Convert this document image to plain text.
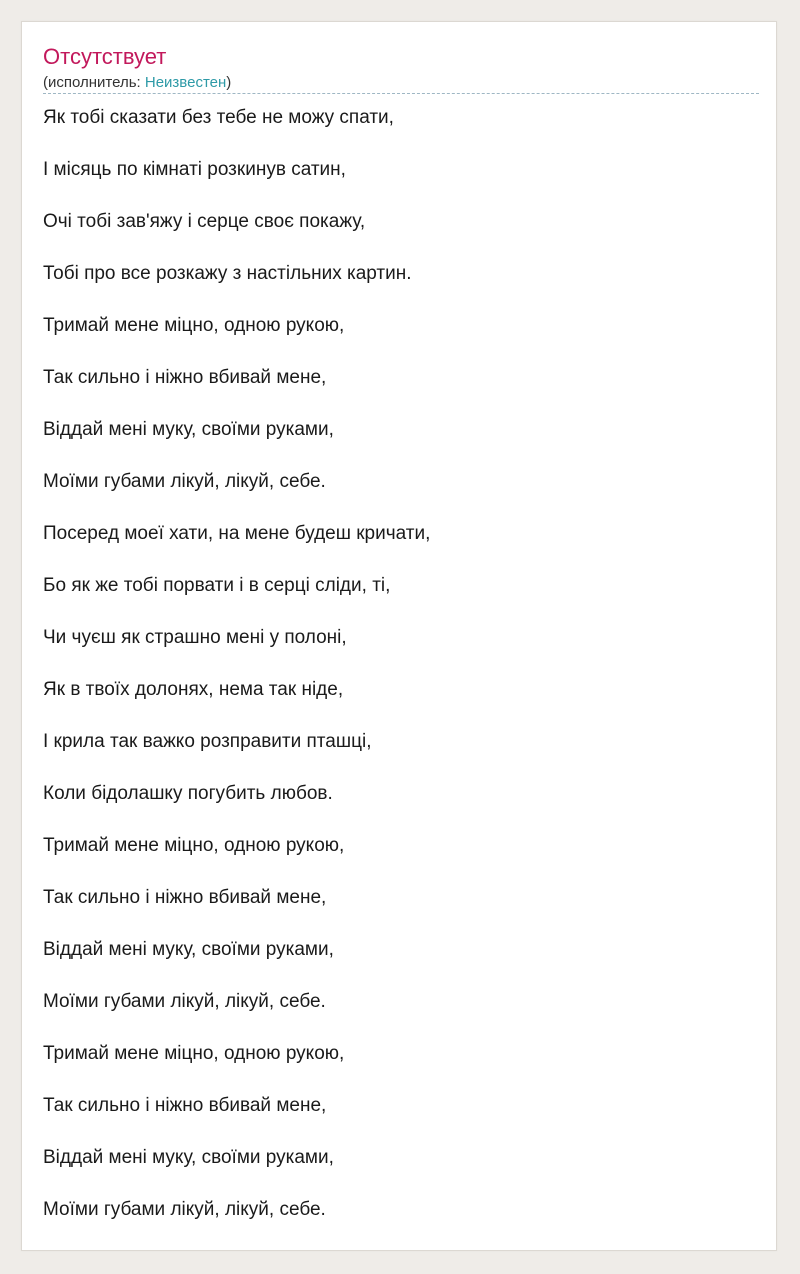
Отсутствует
(исполнитель: Неизвестен)
Як тобі сказати без тебе не можу спати,
І місяць по кімнаті розкинув сатин,
Очі тобі зав'яжу і серце своє покажу,
Тобі про все розкажу з настільних картин.
Тримай мене міцно, одною рукою,
Так сильно і ніжно вбивай мене,
Віддай мені муку, своїми руками,
Моїми губами лікуй, лікуй, себе.
Посеред моеї хати, на мене будеш кричати,
Бо як же тобі порвати і в серці сліди, ті,
Чи чуєш як страшно мені у полоні,
Як в твоїх долонях, нема так ніде,
І крила так важко розправити пташці,
Коли бідолашку погубить любов.
Тримай мене міцно, одною рукою,
Так сильно і ніжно вбивай мене,
Віддай мені муку, своїми руками,
Моїми губами лікуй, лікуй, себе.
Тримай мене міцно, одною рукою,
Так сильно і ніжно вбивай мене,
Віддай мені муку, своїми руками,
Моїми губами лікуй, лікуй, себе.
